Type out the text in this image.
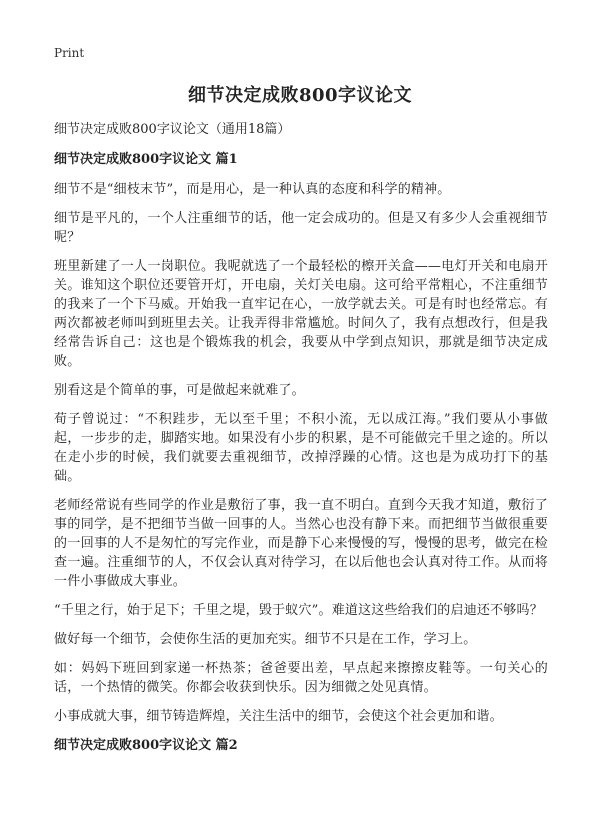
Print
细节决定成败800字议论文

细节决定成败800字议论文（通用18篇）

细节决定成败800字议论文 篇1

细节不是“细枝末节”，而是用心，是一种认真的态度和科学的精神。

细节是平凡的，一个人注重细节的话，他一定会成功的。但是又有多少人会重视细节呢？

班里新建了一人一岗职位。我呢就选了一个最轻松的檫开关盒——电灯开关和电扇开关。谁知这个职位还要管开灯，开电扇，关灯关电扇。这可给平常粗心，不注重细节的我来了一个下马威。开始我一直牢记在心，一放学就去关。可是有时也经常忘。有两次都被老师叫到班里去关。让我弄得非常尴尬。时间久了，我有点想改行，但是我经常告诉自己：这也是个锻炼我的机会，我要从中学到点知识，那就是细节决定成败。

别看这是个简单的事，可是做起来就难了。

荀子曾说过：“不积跬步，无以至千里；不积小流，无以成江海。”我们要从小事做起，一步步的走，脚踏实地。如果没有小步的积累，是不可能做完千里之途的。所以在走小步的时候，我们就要去重视细节，改掉浮躁的心情。这也是为成功打下的基础。

老师经常说有些同学的作业是敷衍了事，我一直不明白。直到今天我才知道，敷衍了事的同学，是不把细节当做一回事的人。当然心也没有静下来。而把细节当做很重要的一回事的人不是匆忙的写完作业，而是静下心来慢慢的写，慢慢的思考，做完在检查一遍。注重细节的人，不仅会认真对待学习，在以后他也会认真对待工作。从而将一件小事做成大事业。

“千里之行，始于足下；千里之堤，毁于蚁穴”。难道这这些给我们的启迪还不够吗？

做好每一个细节，会使你生活的更加充实。细节不只是在工作，学习上。

如：妈妈下班回到家递一杯热茶；爸爸要出差，早点起来擦擦皮鞋等。一句关心的话，一个热情的微笑。你都会收获到快乐。因为细微之处见真情。

小事成就大事，细节铸造辉煌，关注生活中的细节，会使这个社会更加和谐。

细节决定成败800字议论文 篇2
